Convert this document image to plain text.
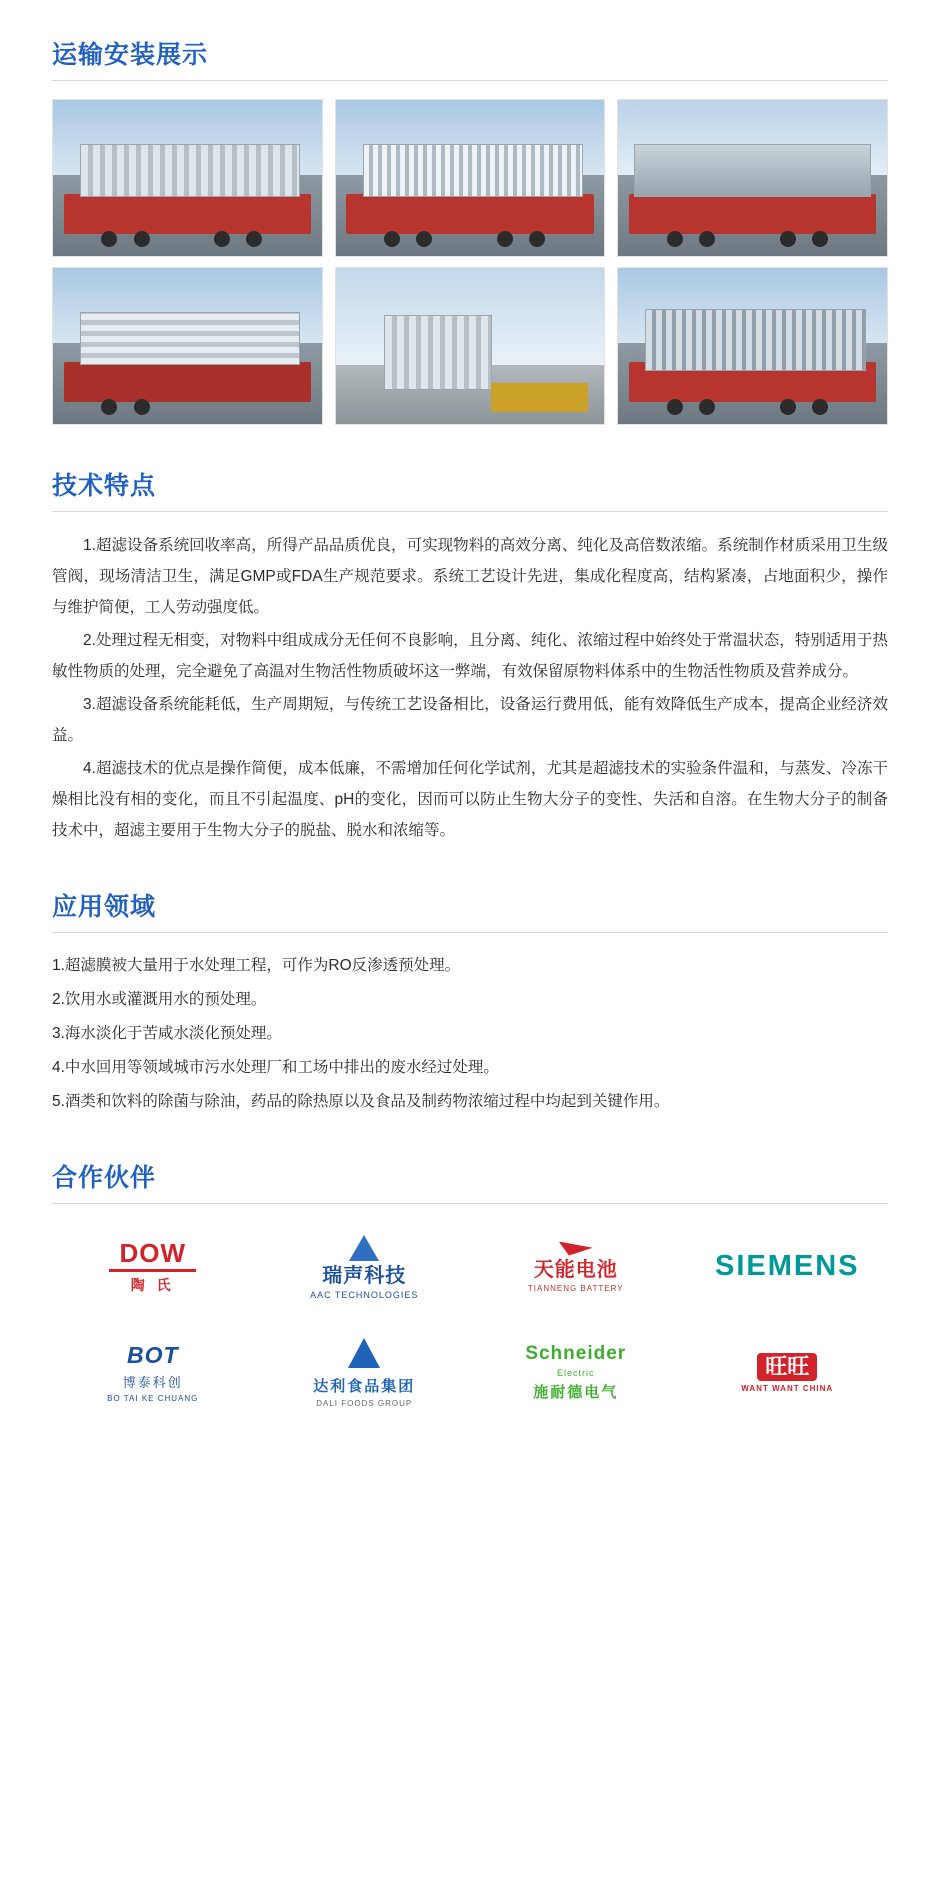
运输安装展示
技术特点

1.超滤设备系统回收率高，所得产品品质优良，可实现物料的高效分离、纯化及高倍数浓缩。系统制作材质采用卫生级管阀，现场清洁卫生，满足GMP或FDA生产规范要求。系统工艺设计先进，集成化程度高，结构紧凑，占地面积少，操作与维护简便，工人劳动强度低。

2.处理过程无相变，对物料中组成成分无任何不良影响，且分离、纯化、浓缩过程中始终处于常温状态，特别适用于热敏性物质的处理，完全避免了高温对生物活性物质破坏这一弊端，有效保留原物料体系中的生物活性物质及营养成分。

3.超滤设备系统能耗低，生产周期短，与传统工艺设备相比，设备运行费用低，能有效降低生产成本，提高企业经济效益。

4.超滤技术的优点是操作简便，成本低廉，不需增加任何化学试剂，尤其是超滤技术的实验条件温和，与蒸发、冷冻干燥相比没有相的变化，而且不引起温度、pH的变化，因而可以防止生物大分子的变性、失活和自溶。在生物大分子的制备技术中，超滤主要用于生物大分子的脱盐、脱水和浓缩等。

应用领域

1.超滤膜被大量用于水处理工程，可作为RO反渗透预处理。

2.饮用水或灌溉用水的预处理。

3.海水淡化于苦咸水淡化预处理。

4.中水回用等领域城市污水处理厂和工场中排出的废水经过处理。

5.酒类和饮料的除菌与除油，药品的除热原以及食品及制药物浓缩过程中均起到关键作用。

合作伙伴
DOW
陶 氏	瑞声科技
AAC TECHNOLOGIES
天能电池
TIANNENG BATTERY
SIEMENS
BOT
博泰科创
BO TAI KE CHUANG
达利食品集团
DALI FOODS GROUP
Schneider
Electric
施耐德电气
旺旺
WANT WANT CHINA
